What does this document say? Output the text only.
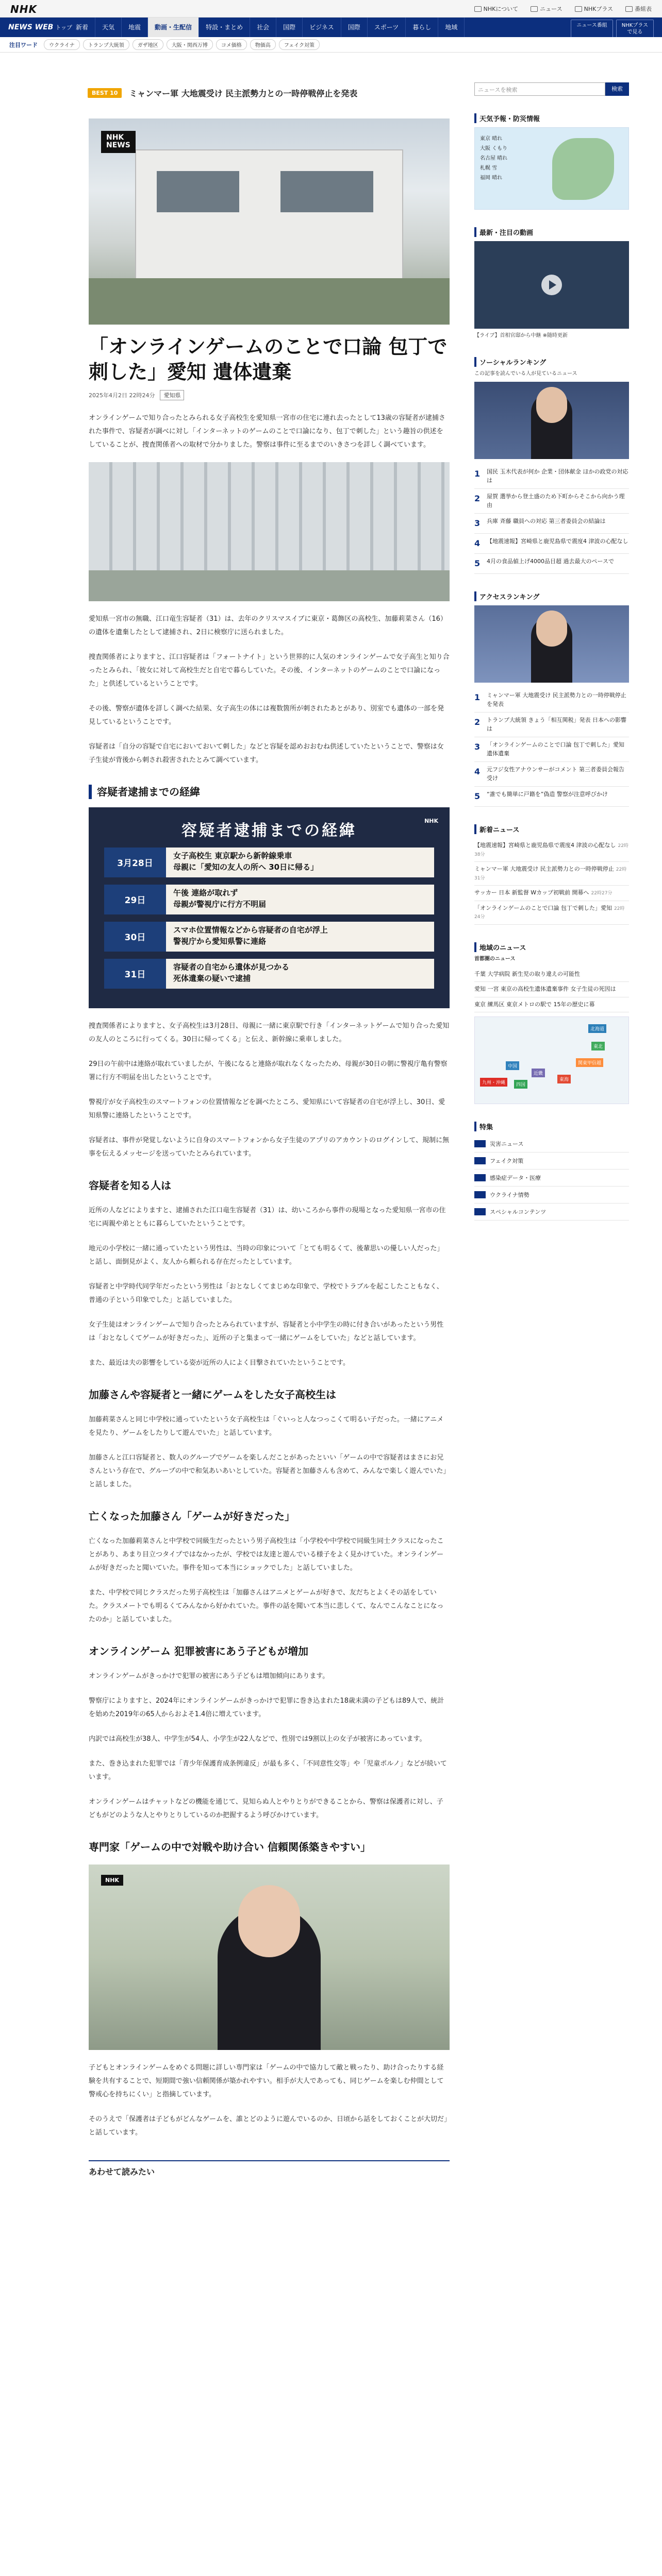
NHK	NHKについて	ニュース	NHKプラス	番組表
NEWS WEB トップ 新着	天気	地震	動画・生配信	特設・まとめ	社会	国際	ビジネス	国際	スポーツ	暮らし	地域	ニュース番組	NHKプラス
で見る
注目ワード	ウクライナ	トランプ大統領	ガザ地区	大阪・関西万博	コメ価格	物価高	フェイク対策
BEST 10	ミャンマー軍 大地震受け 民主派勢力との一時停戦停止を発表
NHK
NEWS
「オンラインゲームのことで口論 包丁で刺した」愛知 遺体遺棄
2025年4月2日 22時24分	愛知県

オンラインゲームで知り合ったとみられる女子高校生を愛知県一宮市の住宅に連れ去ったとして13歳の容疑者が逮捕された事件で、容疑者が調べに対し「インターネットのゲームのことで口論になり、包丁で刺した」という趣旨の供述をしていることが、捜査関係者への取材で分かりました。警察は事件に至るまでのいきさつを詳しく調べています。

愛知県一宮市の無職、江口竜生容疑者（31）は、去年のクリスマスイブに東京・葛飾区の高校生、加藤莉菜さん（16）の遺体を遺棄したとして逮捕され、2日に検察庁に送られました。

捜査関係者によりますと、江口容疑者は「フォートナイト」という世界的に人気のオンラインゲームで女子高生と知り合ったとみられ、「彼女に対して高校生だと自宅で暮らしていた。その後、インターネットのゲームのことで口論になった」と供述しているということです。

その後、警察が遺体を詳しく調べた結果、女子高生の体には複数箇所が刺されたあとがあり、別室でも遺体の一部を発見しているということです。

容疑者は「自分の容疑で自宅においておいて刺した」などと容疑を認めおおむね供述していたということで、警察は女子生徒が背後から刺され殺害されたとみて調べています。

容疑者逮捕までの経緯
容疑者逮捕までの経緯
NHK
3月28日
女子高校生 東京駅から新幹線乗車
母親に「愛知の友人の所へ 30日に帰る」
29日
午後 連絡が取れず
母親が警視庁に行方不明届
30日
スマホ位置情報などから容疑者の自宅が浮上
警視庁から愛知県警に連絡
31日
容疑者の自宅から遺体が見つかる
死体遺棄の疑いで逮捕

捜査関係者によりますと、女子高校生は3月28日、母親に一緒に東京駅で行き「インターネットゲームで知り合った愛知の友人のところに行ってくる。30日に帰ってくる」と伝え、新幹線に乗車しました。

29日の午前中は連絡が取れていましたが、午後になると連絡が取れなくなったため、母親が30日の朝に警視庁亀有警察署に行方不明届を出したということです。

警視庁が女子高校生のスマートフォンの位置情報などを調べたところ、愛知県にいて容疑者の自宅が浮上し、30日、愛知県警に連絡したということです。

容疑者は、事件が発覚しないように自身のスマートフォンから女子生徒のアプリのアカウントのログインして、規制に無事を伝えるメッセージを送っていたとみられています。

容疑者を知る人は

近所の人などによりますと、逮捕された江口竜生容疑者（31）は、幼いころから事件の現場となった愛知県一宮市の住宅に両親や弟とともに暮らしていたということです。

地元の小学校に一緒に通っていたという男性は、当時の印象について「とても明るくて、後輩思いの優しい人だった」と話し、面倒見がよく、友人から頼られる存在だったとしています。

容疑者と中学時代同学年だったという男性は「おとなしくてまじめな印象で、学校でトラブルを起こしたこともなく、普通の子という印象でした」と話していました。

女子生徒はオンラインゲームで知り合ったとみられていますが、容疑者と小中学生の時に付き合いがあったという男性は「おとなしくてゲームが好きだった」、近所の子と集まって一緒にゲームをしていた」などと話しています。

また、最近は夫の影響をしている姿が近所の人によく目撃されていたということです。

加藤さんや容疑者と一緒にゲームをした女子高校生は

加藤莉菜さんと同じ中学校に通っていたという女子高校生は「ぐいっと人なつっこくて明るい子だった。一緒にアニメを見たり、ゲームをしたりして遊んでいた」と話しています。

加藤さんと江口容疑者と、数人のグループでゲームを楽しんだことがあったといい「ゲームの中で容疑者はまさにお兄さんという存在で、グループの中で和気あいあいとしていた。容疑者と加藤さんも含めて、みんなで楽しく遊んでいた」と話しました。

亡くなった加藤さん「ゲームが好きだった」

亡くなった加藤莉菜さんと中学校で同級生だったという男子高校生は「小学校や中学校で同級生同士クラスになったことがあり、あまり目立つタイプではなかったが、学校では友達と遊んでいる様子をよく見かけていた。オンラインゲームが好きだったと聞いていた。事件を知って本当にショックでした」と話していました。

また、中学校で同じクラスだった男子高校生は「加藤さんはアニメとゲームが好きで、友だちとよくその話をしていた。クラスメートでも明るくてみんなから好かれていた。事件の話を聞いて本当に悲しくて、なんでこんなことになったのか」と話していました。

オンラインゲーム 犯罪被害にあう子どもが増加

オンラインゲームがきっかけで犯罪の被害にあう子どもは増加傾向にあります。

警察庁によりますと、2024年にオンラインゲームがきっかけで犯罪に巻き込まれた18歳未満の子どもは89人で、統計を始めた2019年の65人からおよそ1.4倍に増えています。

内訳では高校生が38人、中学生が54人、小学生が22人などで、性別では9割以上の女子が被害にあっています。

また、巻き込まれた犯罪では「青少年保護育成条例違反」が最も多く、「不同意性交等」や「児童ポルノ」などが続いています。

オンラインゲームはチャットなどの機能を通じて、見知らぬ人とやりとりができることから、警察は保護者に対し、子どもがどのような人とやりとりしているのか把握するよう呼びかけています。

専門家「ゲームの中で対戦や助け合い 信頼関係築きやすい」
NHK

子どもとオンラインゲームをめぐる問題に詳しい専門家は「ゲームの中で協力して敵と戦ったり、助け合ったりする経験を共有することで、短期間で強い信頼関係が築かれやすい。相手が大人であっても、同じゲームを楽しむ仲間として警戒心を持ちにくい」と指摘しています。

そのうえで「保護者は子どもがどんなゲームを、誰とどのように遊んでいるのか、日頃から話をしておくことが大切だ」と話しています。

あわせて読みたい
ニュースを検索	検索
天気予報・防災情報
東京 晴れ
大阪 くもり
名古屋 晴れ
札幌 雪
福岡 晴れ
最新・注目の動画
【ライブ】首相官邸から中継 ※随時更新
ソーシャルランキング
この記事を読んでいる人が見ているニュース
1	国民 玉木代表が何か 企業・団体献金 ほかの政党の対応は
2	屋賀 選挙から登土盛のため下町からそこから向かう理由
3	兵庫 斉藤 職員への対応 第三者委員会の結論は
4	【地震速報】宮崎県と鹿児島県で震度4 津波の心配なし
5	4月の食品値上げ4000品目超 過去最大のペースで
アクセスランキング
1	ミャンマー軍 大地震受け 民主派勢力との一時停戦停止を発表
2	トランプ大統領 きょう「相互関税」発表 日本への影響は
3	「オンラインゲームのことで口論 包丁で刺した」愛知 遺体遺棄
4	元フジ女性アナウンサーがコメント 第三者委員会報告受け
5	“誰でも簡単に戸籍を”偽造 警察が注意呼びかけ
新着ニュース
【地震速報】宮崎県と鹿児島県で震度4 津波の心配なし 22時38分
ミャンマー軍 大地震受け 民主派勢力との一時停戦停止 22時31分
サッカー 日本 新監督 Wカップ初戦前 開幕へ 22時27分
「オンラインゲームのことで口論 包丁で刺した」愛知 22時24分
地域のニュース
首都圏のニュース
千葉 大学病院 新生児の取り違えの可能性
愛知 一宮 東京の高校生遺体遺棄事件 女子生徒の死因は
東京 練馬区 東京メトロの駅で 15年の歴史に幕
北海道
東北
関東甲信越
東海
近畿
中国
四国
九州・沖縄
特集
災害ニュース
フェイク対策
感染症データ・医療
ウクライナ情勢
スペシャルコンテンツ
